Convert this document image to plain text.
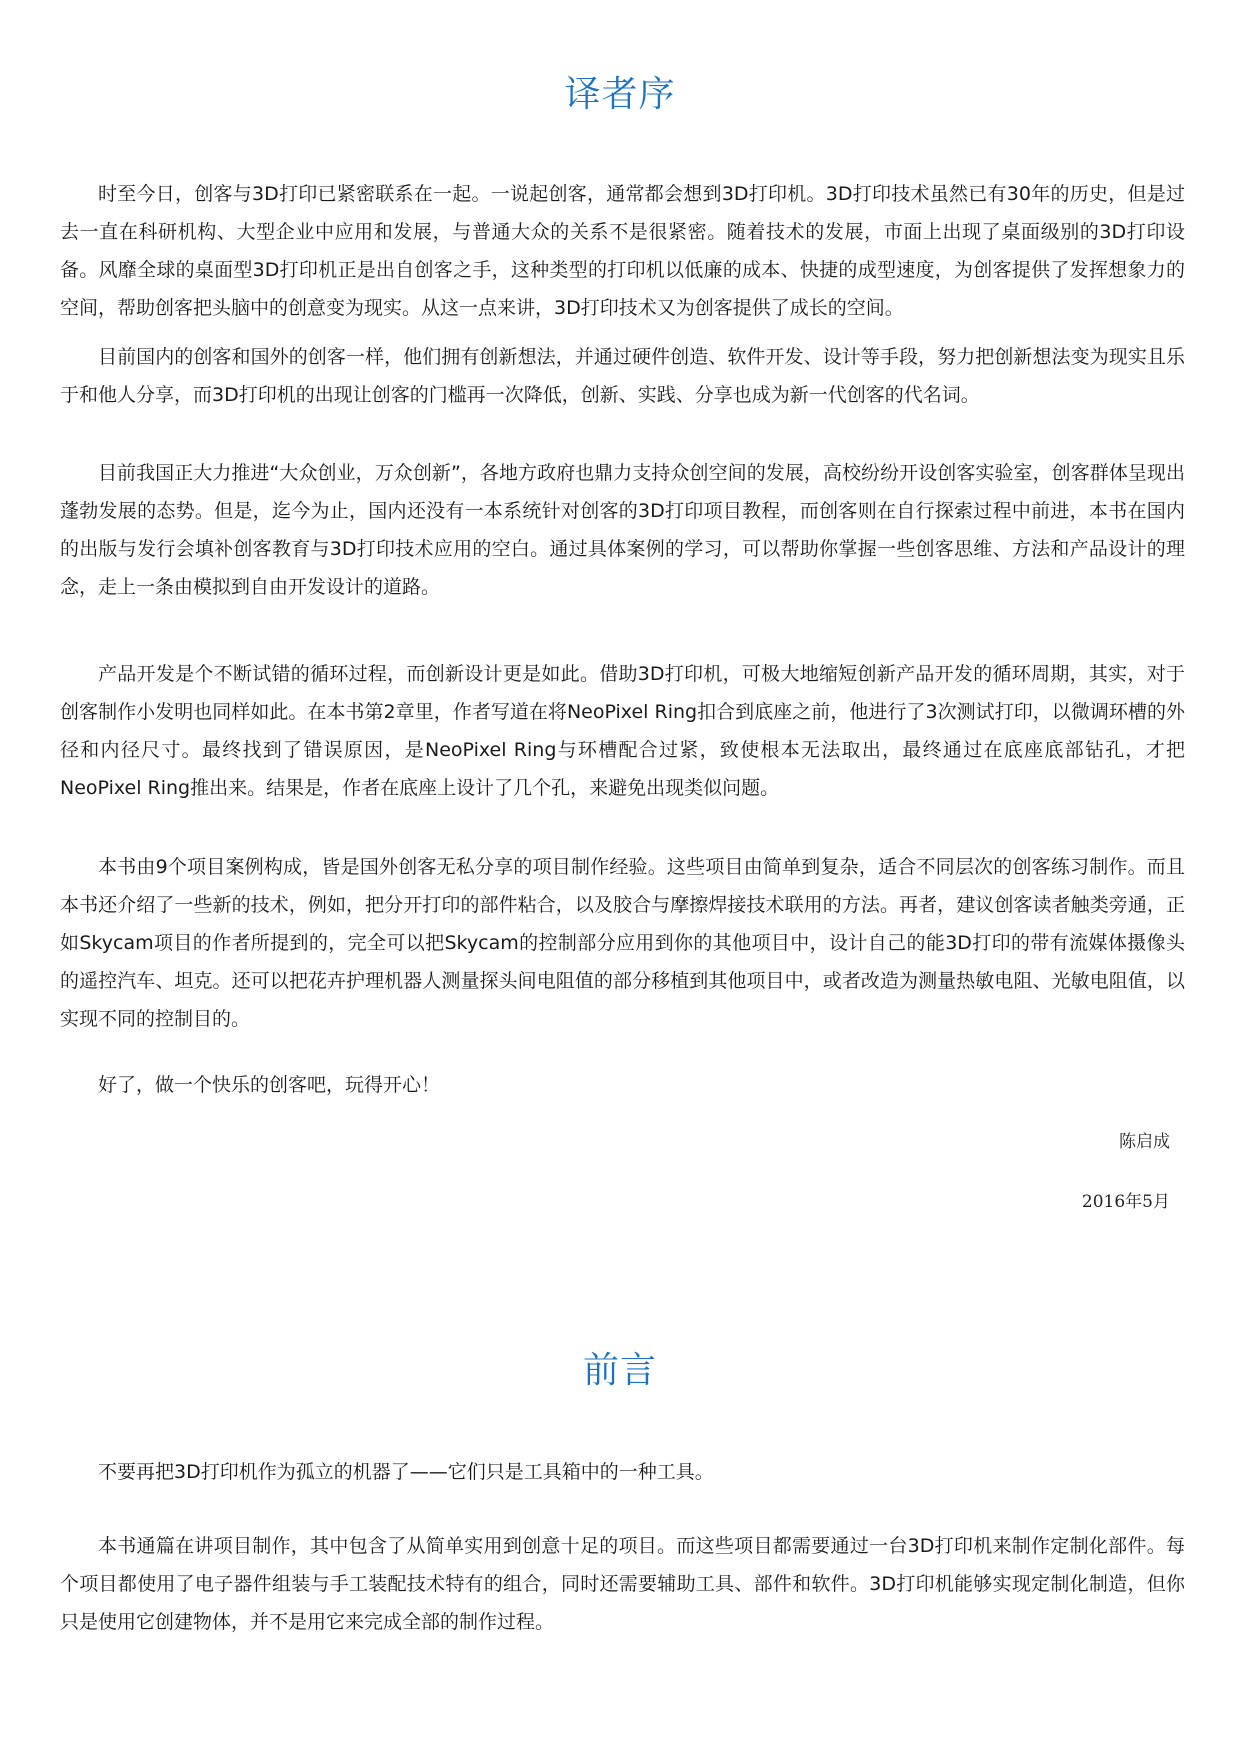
译者序

时至今日，创客与3D打印已紧密联系在一起。一说起创客，通常都会想到3D打印机。3D打印技术虽然已有30年的历史，但是过去一直在科研机构、大型企业中应用和发展，与普通大众的关系不是很紧密。随着技术的发展，市面上出现了桌面级别的3D打印设备。风靡全球的桌面型3D打印机正是出自创客之手，这种类型的打印机以低廉的成本、快捷的成型速度，为创客提供了发挥想象力的空间，帮助创客把头脑中的创意变为现实。从这一点来讲，3D打印技术又为创客提供了成长的空间。

目前国内的创客和国外的创客一样，他们拥有创新想法，并通过硬件创造、软件开发、设计等手段，努力把创新想法变为现实且乐于和他人分享，而3D打印机的出现让创客的门槛再一次降低，创新、实践、分享也成为新一代创客的代名词。

目前我国正大力推进“大众创业，万众创新”，各地方政府也鼎力支持众创空间的发展，高校纷纷开设创客实验室，创客群体呈现出蓬勃发展的态势。但是，迄今为止，国内还没有一本系统针对创客的3D打印项目教程，而创客则在自行探索过程中前进，本书在国内的出版与发行会填补创客教育与3D打印技术应用的空白。通过具体案例的学习，可以帮助你掌握一些创客思维、方法和产品设计的理念，走上一条由模拟到自由开发设计的道路。

产品开发是个不断试错的循环过程，而创新设计更是如此。借助3D打印机，可极大地缩短创新产品开发的循环周期，其实，对于创客制作小发明也同样如此。在本书第2章里，作者写道在将NeoPixel Ring扣合到底座之前，他进行了3次测试打印，以微调环槽的外径和内径尺寸。最终找到了错误原因，是NeoPixel Ring与环槽配合过紧，致使根本无法取出，最终通过在底座底部钻孔，才把NeoPixel Ring推出来。结果是，作者在底座上设计了几个孔，来避免出现类似问题。

本书由9个项目案例构成，皆是国外创客无私分享的项目制作经验。这些项目由简单到复杂，适合不同层次的创客练习制作。而且本书还介绍了一些新的技术，例如，把分开打印的部件粘合，以及胶合与摩擦焊接技术联用的方法。再者，建议创客读者触类旁通，正如Skycam项目的作者所提到的，完全可以把Skycam的控制部分应用到你的其他项目中，设计自己的能3D打印的带有流媒体摄像头的遥控汽车、坦克。还可以把花卉护理机器人测量探头间电阻值的部分移植到其他项目中，或者改造为测量热敏电阻、光敏电阻值，以实现不同的控制目的。

好了，做一个快乐的创客吧，玩得开心！

陈启成

2016年5月

前言

不要再把3D打印机作为孤立的机器了——它们只是工具箱中的一种工具。

本书通篇在讲项目制作，其中包含了从简单实用到创意十足的项目。而这些项目都需要通过一台3D打印机来制作定制化部件。每个项目都使用了电子器件组装与手工装配技术特有的组合，同时还需要辅助工具、部件和软件。3D打印机能够实现定制化制造，但你只是使用它创建物体，并不是用它来完成全部的制作过程。
